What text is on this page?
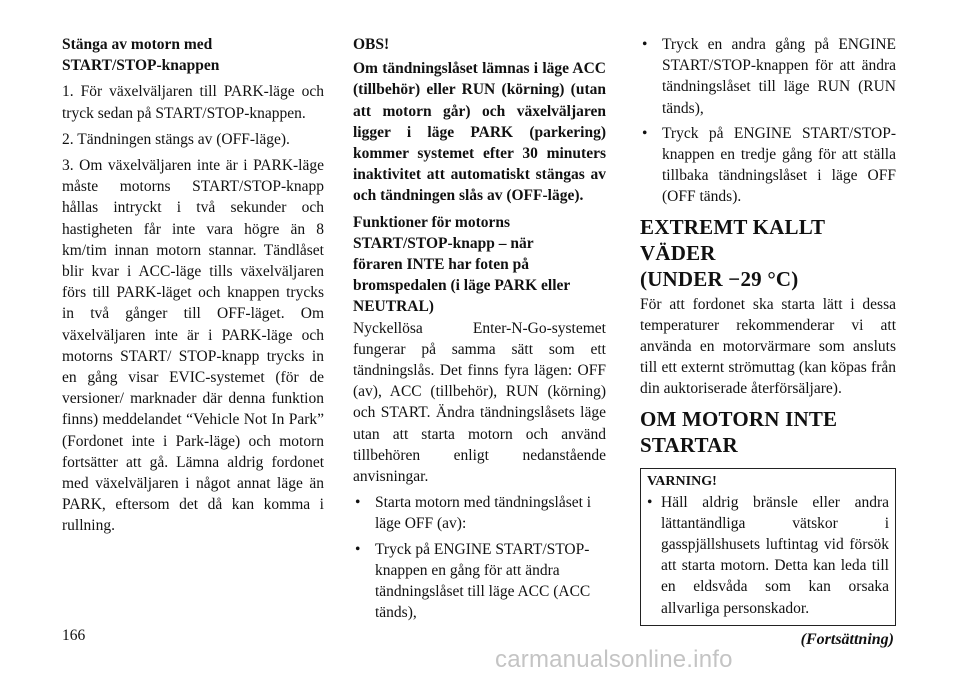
Stänga av motorn med
START/STOP-knappen

1. För växelväljaren till PARK-läge och tryck sedan på START/STOP-knappen.

2. Tändningen stängs av (OFF-läge).

3. Om växelväljaren inte är i PARK-läge måste motorns START/STOP-knapp hållas intryckt i två sekunder och hastigheten får inte vara högre än 8 km/tim innan motorn stannar. Tändlåset blir kvar i ACC-läge tills växelväljaren förs till PARK-läget och knappen trycks in två gånger till OFF-läget. Om växelväljaren inte är i PARK-läge och motorns START/ STOP-knapp trycks in en gång visar EVIC-systemet (för de versioner/ marknader där denna funktion finns) meddelandet “Vehicle Not In Park” (Fordonet inte i Park-läge) och motorn fortsätter att gå. Lämna aldrig fordonet med växelväljaren i något annat läge än PARK, eftersom det då kan komma i rullning.

OBS!

Om tändningslåset lämnas i läge ACC (tillbehör) eller RUN (körning) (utan att motorn går) och växelväljaren ligger i läge PARK (parkering) kommer systemet efter 30 minuters inaktivitet att automatiskt stängas av och tändningen slås av (OFF-läge).

Funktioner för motorns
START/STOP-knapp – när
föraren INTE har foten på
bromspedalen (i läge PARK eller
NEUTRAL)

Nyckellösa Enter-N-Go-systemet fungerar på samma sätt som ett tändningslås. Det finns fyra lägen: OFF (av), ACC (tillbehör), RUN (körning) och START. Ändra tändningslåsets läge utan att starta motorn och använd tillbehören enligt nedanstående anvisningar.

• Starta motorn med tändningslåset i läge OFF (av):
• Tryck på ENGINE START/STOP-knappen en gång för att ändra tändningslåset till läge ACC (ACC tänds),
• Tryck en andra gång på ENGINE START/STOP-knappen för att ändra tändningslåset till läge RUN (RUN tänds),
• Tryck på ENGINE START/STOP-knappen en tredje gång för att ställa tillbaka tändningslåset i läge OFF (OFF tänds).
EXTREMT KALLT VÄDER
(UNDER −29 °C)

För att fordonet ska starta lätt i dessa temperaturer rekommenderar vi att använda en motorvärmare som ansluts till ett externt strömuttag (kan köpas från din auktoriserade återförsäljare).

OM MOTORN INTE
STARTAR
VARNING!
• Häll aldrig bränsle eller andra lättantändliga vätskor i gasspjällshusets luftintag vid försök att starta motorn. Detta kan leda till en eldsvåda som kan orsaka allvarliga personskador.
(Fortsättning)
166
carmanualsonline.info
